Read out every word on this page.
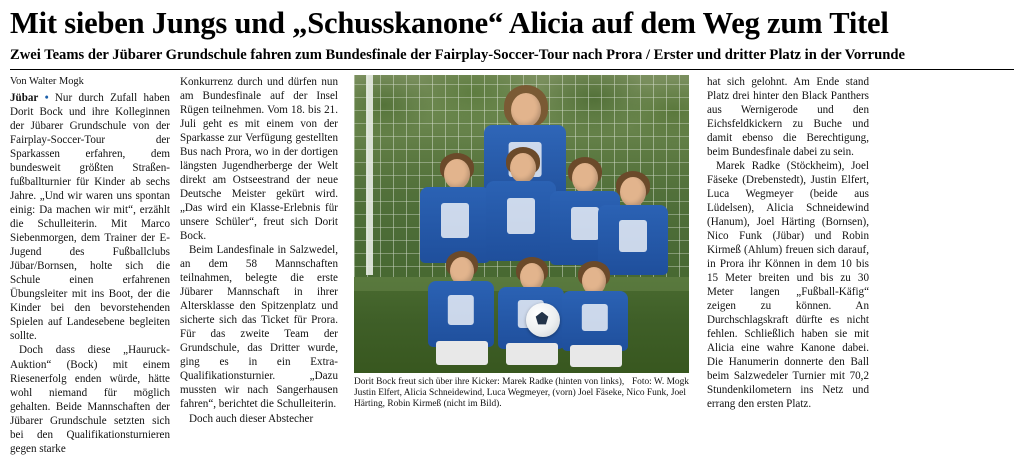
Mit sieben Jungs und „Schusskanone“ Alicia auf dem Weg zum Titel
Zwei Teams der Jübarer Grundschule fahren zum Bundesfinale der Fairplay-Soccer-Tour nach Prora / Erster und dritter Platz in der Vorrunde
Von Walter Mogk

Jübar • Nur durch Zufall haben Dorit Bock und ihre Kolleginnen der Jübarer Grundschule von der Fairplay-Soccer-Tour der Sparkassen erfahren, dem bundesweit größten Straßenfußballturnier für Kinder ab sechs Jahre. „Und wir waren uns spontan einig: Da machen wir mit“, erzählt die Schulleiterin. Mit Marco Siebenmorgen, dem Trainer der E-Jugend des Fußballclubs Jübar/Bornsen, holte sich die Schule einen erfahrenen Übungsleiter mit ins Boot, der die Kinder bei den bevorstehenden Spielen auf Landesebene begleiten sollte.

Doch dass diese „Hauruck-Auktion“ (Bock) mit einem Riesenerfolg enden würde, hätte wohl niemand für möglich gehalten. Beide Mannschaften der Jübarer Grundschule setzten sich bei den Qualifikationsturnieren gegen starke

Konkurrenz durch und dürfen nun am Bundesfinale auf der Insel Rügen teilnehmen. Vom 18. bis 21. Juli geht es mit einem von der Sparkasse zur Verfügung gestellten Bus nach Prora, wo in der dortigen längsten Jugendherberge der Welt direkt am Ostseestrand der neue Deutsche Meister gekürt wird. „Das wird ein Klasse-Erlebnis für unsere Schüler“, freut sich Dorit Bock.

Beim Landesfinale in Salzwedel, an dem 58 Mannschaften teilnahmen, belegte die erste Jübarer Mannschaft in ihrer Altersklasse den Spitzenplatz und sicherte sich das Ticket für Prora. Für das zweite Team der Grundschule, das Dritter wurde, ging es in ein Extra-Qualifikationsturnier. „Dazu mussten wir nach Sangerhausen fahren“, berichtet die Schulleiterin.

Doch auch dieser Abstecher

Foto: W. Mogk
Dorit Bock freut sich über ihre Kicker: Marek Radke (hinten von links), Justin Elfert, Alicia Schneidewind, Luca Wegmeyer, (vorn) Joel Fäseke, Nico Funk, Joel Härting, Robin Kirmeß (nicht im Bild).

hat sich gelohnt. Am Ende stand Platz drei hinter den Black Panthers aus Wernigerode und den Eichsfeldkickern zu Buche und damit ebenso die Berechtigung, beim Bundesfinale dabei zu sein.

Marek Radke (Stöckheim), Joel Fäseke (Drebenstedt), Justin Elfert, Luca Wegmeyer (beide aus Lüdelsen), Alicia Schneidewind (Hanum), Joel Härting (Bornsen), Nico Funk (Jübar) und Robin Kirmeß (Ahlum) freuen sich darauf, in Prora ihr Können in dem 10 bis 15 Meter breiten und bis zu 30 Meter langen „Fußball-Käfig“ zeigen zu können. An Durchschlagskraft dürfte es nicht fehlen. Schließlich haben sie mit Alicia eine wahre Kanone dabei. Die Hanumerin donnerte den Ball beim Salzwedeler Turnier mit 70,2 Stundenkilometern ins Netz und errang den ersten Platz.
